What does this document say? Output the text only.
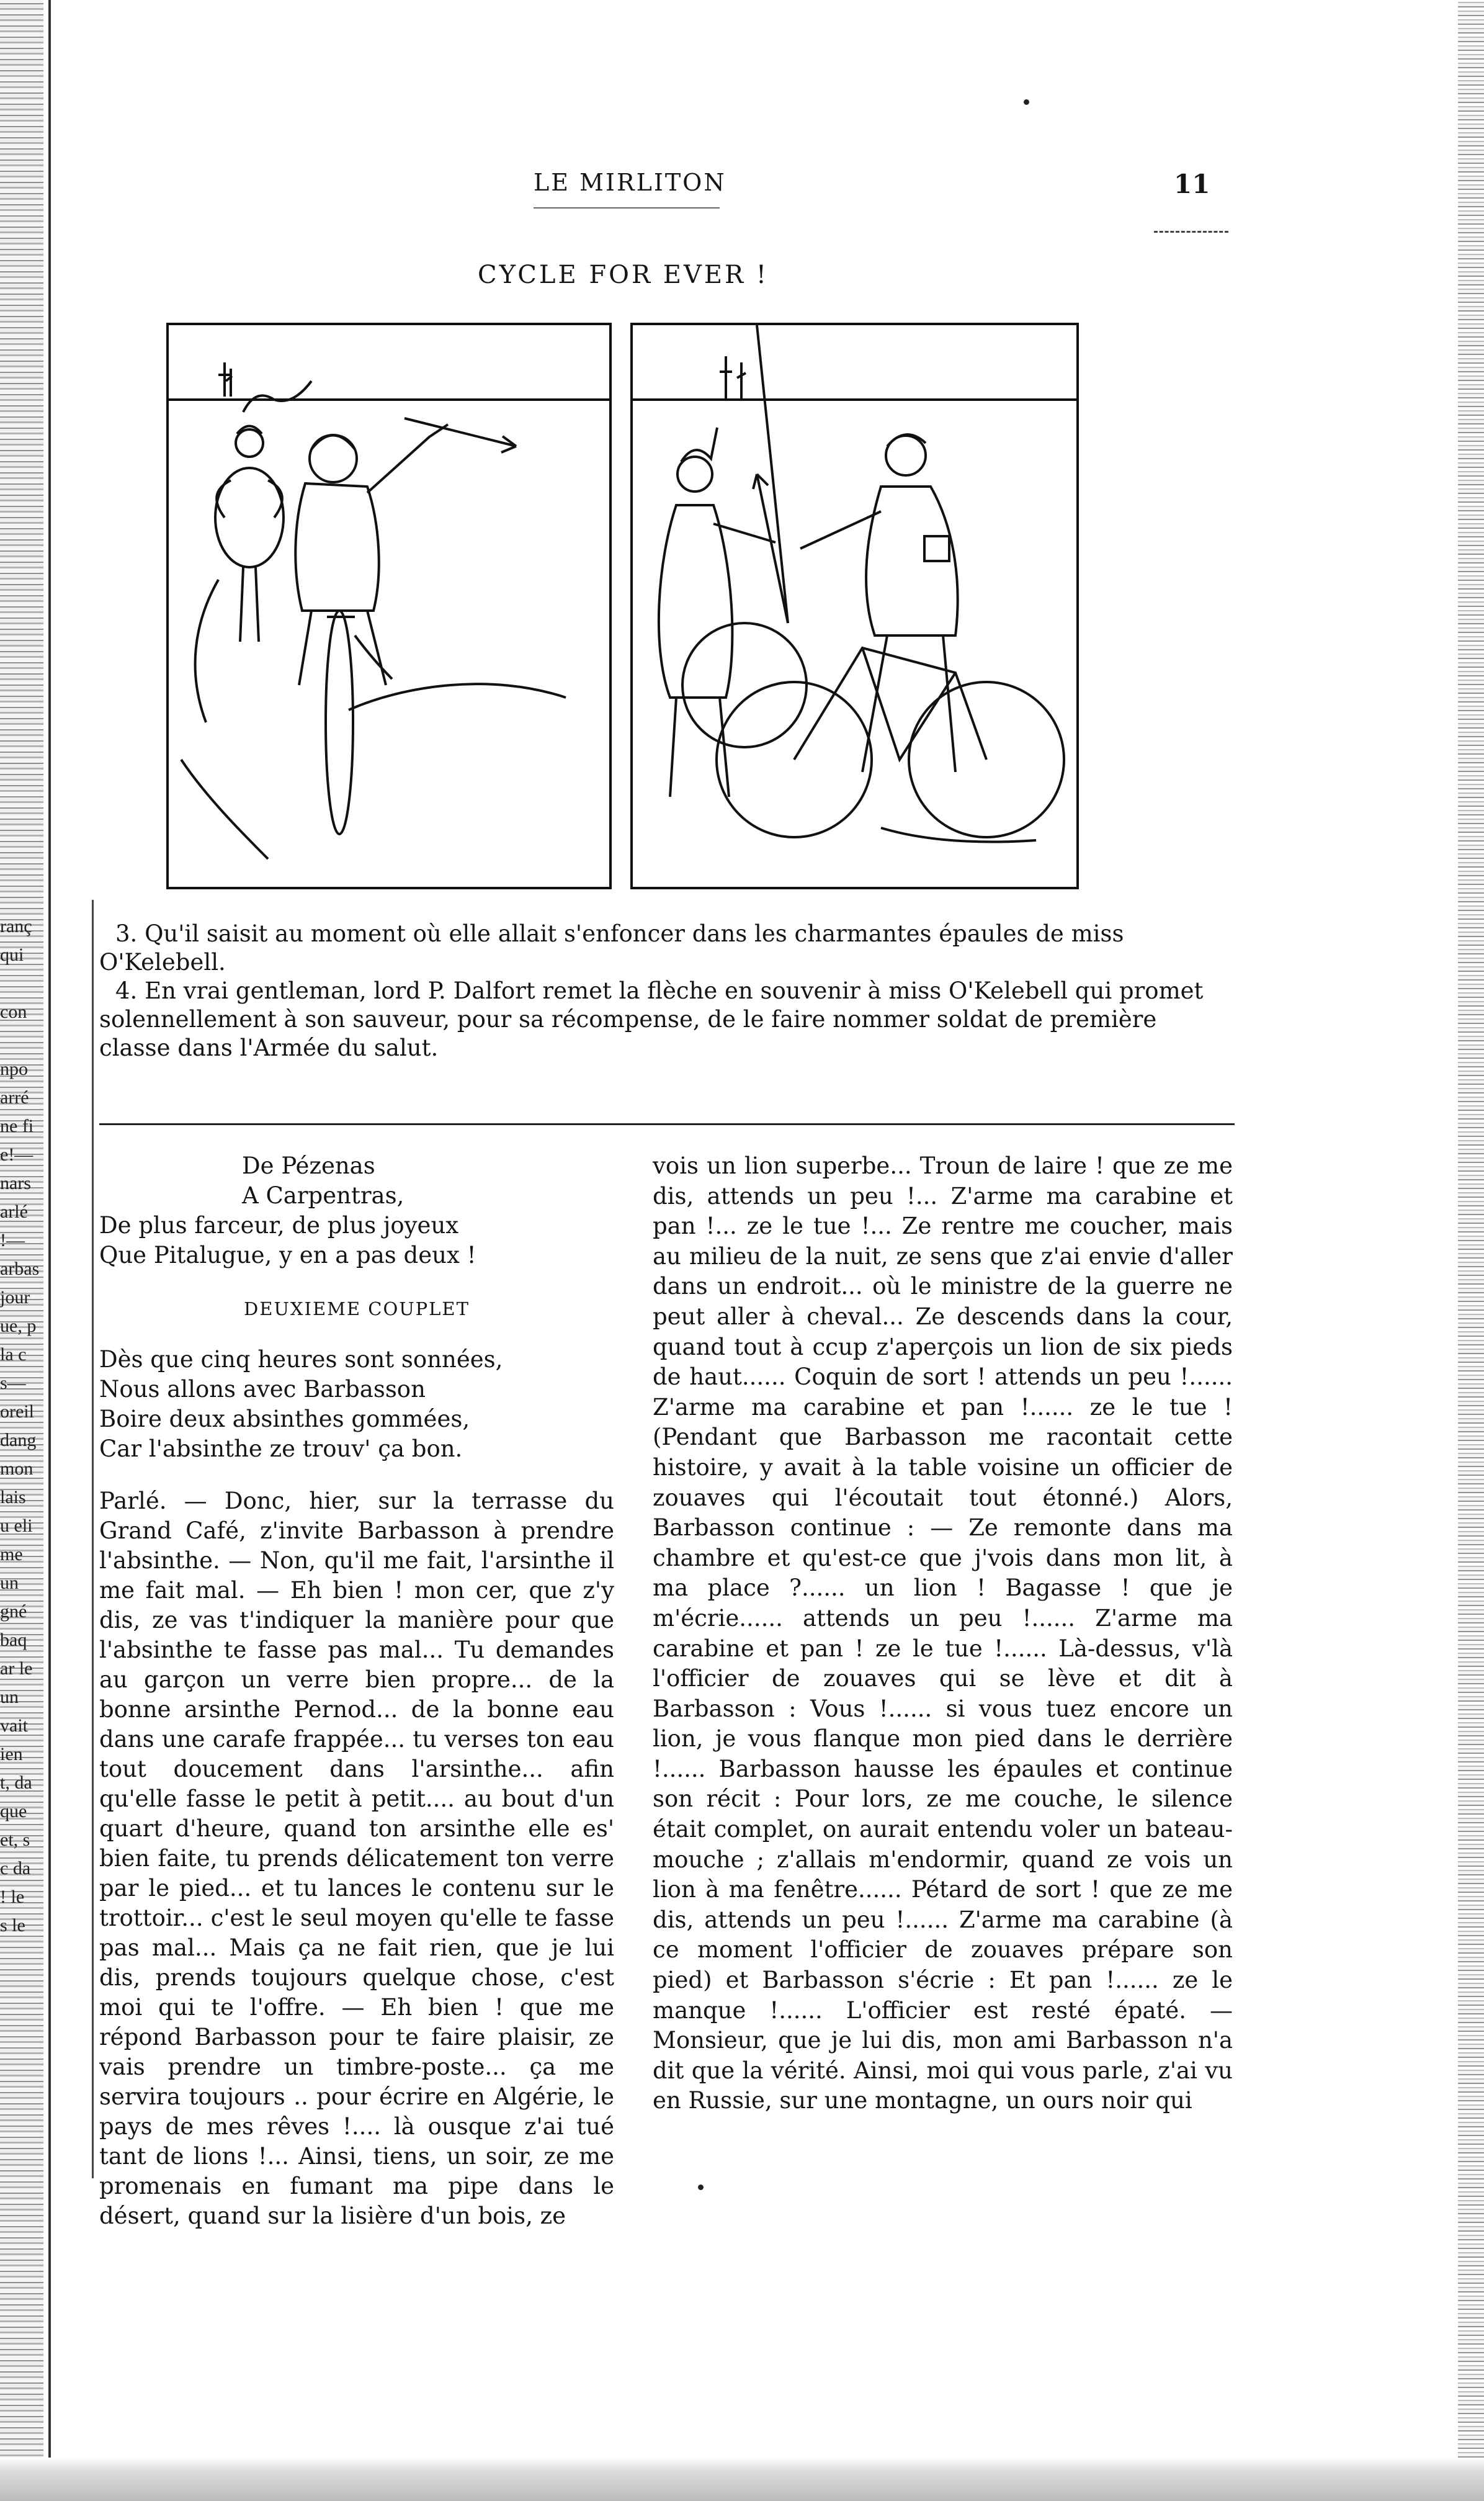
ranç
qui

con

npo
arré
ne fi
e!—
nars
arlé
!—
arbas
jour
ue, p
la c
s—
oreil
dang
mon
lais
u eli
me
un
gné
baq
ar le
un
vait
ien
t, da
que
et, s
c da
! le
s le
LE MIRLITON	11
CYCLE FOR EVER !

3. Qu'il saisit au moment où elle allait s'enfoncer dans les charmantes épaules de miss O'Kelebell.

4. En vrai gentleman, lord P. Dalfort remet la flèche en souvenir à miss O'Kelebell qui promet solennellement à son sauveur, pour sa récompense, de le faire nommer soldat de première classe dans l'Armée du salut.

De Pézenas
A Carpentras,
De plus farceur, de plus joyeux
Que Pitalugue, y en a pas deux !
DEUXIEME COUPLET
Dès que cinq heures sont sonnées,
Nous allons avec Barbasson
Boire deux absinthes gommées,
Car l'absinthe ze trouv' ça bon.

Parlé. — Donc, hier, sur la terrasse du Grand Café, z'invite Barbasson à prendre l'absinthe. — Non, qu'il me fait, l'arsinthe il me fait mal. — Eh bien ! mon cer, que z'y dis, ze vas t'indiquer la manière pour que l'absinthe te fasse pas mal... Tu demandes au garçon un verre bien propre... de la bonne arsinthe Pernod... de la bonne eau dans une carafe frappée... tu verses ton eau tout doucement dans l'arsinthe... afin qu'elle fasse le petit à petit.... au bout d'un quart d'heure, quand ton arsinthe elle es' bien faite, tu prends délicatement ton verre par le pied... et tu lances le contenu sur le trottoir... c'est le seul moyen qu'elle te fasse pas mal... Mais ça ne fait rien, que je lui dis, prends toujours quelque chose, c'est moi qui te l'offre. — Eh bien ! que me répond Barbasson pour te faire plaisir, ze vais prendre un timbre-poste... ça me servira toujours .. pour écrire en Algérie, le pays de mes rêves !.... là ousque z'ai tué tant de lions !... Ainsi, tiens, un soir, ze me promenais en fumant ma pipe dans le désert, quand sur la lisière d'un bois, ze

vois un lion superbe... Troun de laire ! que ze me dis, attends un peu !... Z'arme ma carabine et pan !... ze le tue !... Ze rentre me coucher, mais au milieu de la nuit, ze sens que z'ai envie d'aller dans un endroit... où le ministre de la guerre ne peut aller à cheval... Ze descends dans la cour, quand tout à ccup z'aperçois un lion de six pieds de haut...... Coquin de sort ! attends un peu !...... Z'arme ma carabine et pan !...... ze le tue ! (Pendant que Barbasson me racontait cette histoire, y avait à la table voisine un officier de zouaves qui l'écoutait tout étonné.) Alors, Barbasson continue : — Ze remonte dans ma chambre et qu'est-ce que j'vois dans mon lit, à ma place ?...... un lion ! Bagasse ! que je m'écrie...... attends un peu !...... Z'arme ma carabine et pan ! ze le tue !...... Là-dessus, v'là l'officier de zouaves qui se lève et dit à Barbasson : Vous !...... si vous tuez encore un lion, je vous flanque mon pied dans le derrière !...... Barbasson hausse les épaules et continue son récit : Pour lors, ze me couche, le silence était complet, on aurait entendu voler un bateau-mouche ; z'allais m'endormir, quand ze vois un lion à ma fenêtre...... Pétard de sort ! que ze me dis, attends un peu !...... Z'arme ma carabine (à ce moment l'officier de zouaves prépare son pied) et Barbasson s'écrie : Et pan !...... ze le manque !...... L'officier est resté épaté. — Monsieur, que je lui dis, mon ami Barbasson n'a dit que la vérité. Ainsi, moi qui vous parle, z'ai vu en Russie, sur une montagne, un ours noir qui
